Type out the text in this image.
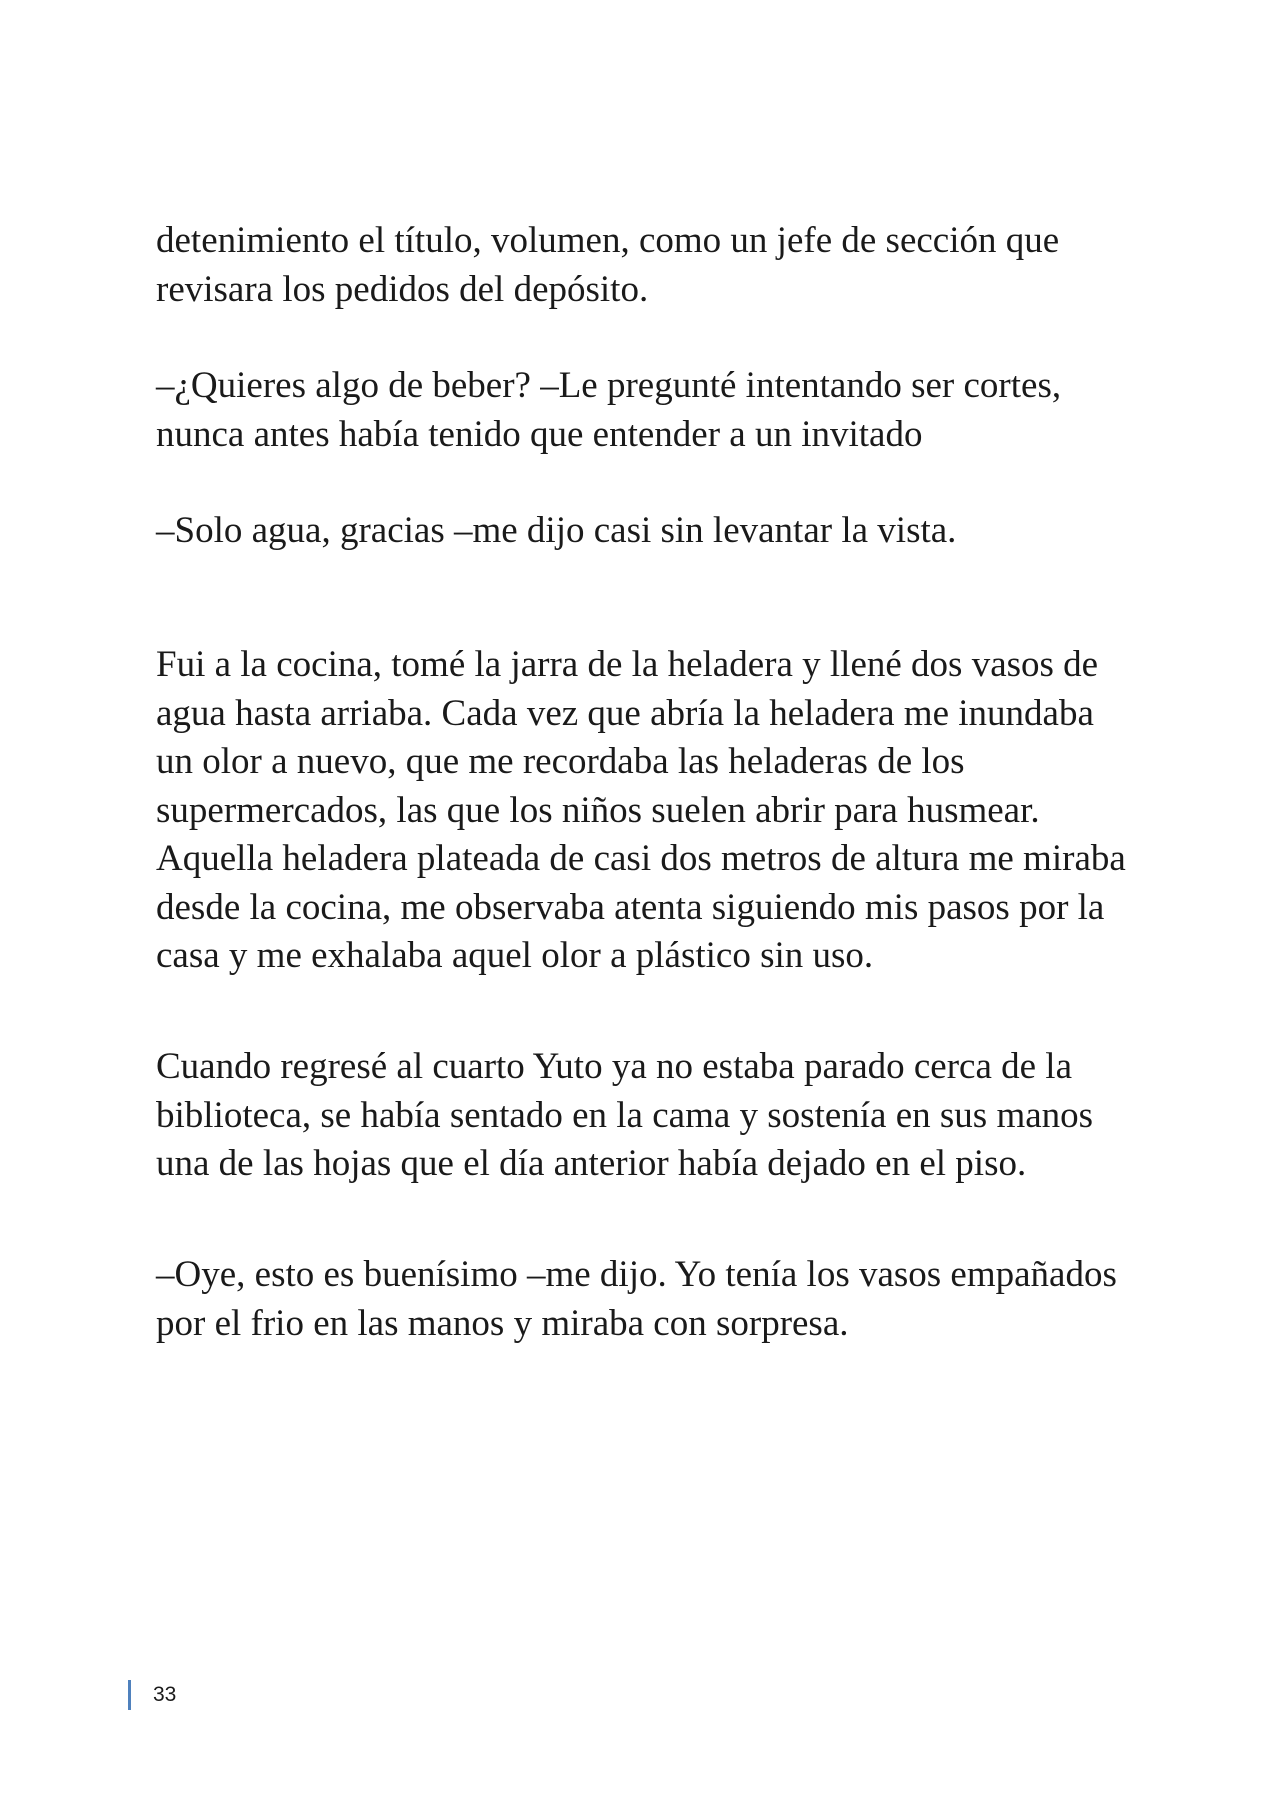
detenimiento el título, volumen, como un jefe de sección que revisara los pedidos del depósito.

–¿Quieres algo de beber? –Le pregunté intentando ser cortes, nunca antes había tenido que entender a un invitado

–Solo agua, gracias –me dijo casi sin levantar la vista.

Fui a la cocina, tomé la jarra de la heladera y llené dos vasos de agua hasta arriaba. Cada vez que abría la heladera me inundaba un olor a nuevo, que me recordaba las heladeras de los supermercados, las que los niños suelen abrir para husmear. Aquella heladera plateada de casi dos metros de altura me miraba desde la cocina, me observaba atenta siguiendo mis pasos por la casa y me exhalaba aquel olor a plástico sin uso.

Cuando regresé al cuarto Yuto ya no estaba parado cerca de la biblioteca, se había sentado en la cama y sostenía en sus manos una de las hojas que el día anterior había dejado en el piso.

–Oye, esto es buenísimo –me dijo. Yo tenía los vasos empañados por el frio en las manos y miraba con sorpresa.

33
